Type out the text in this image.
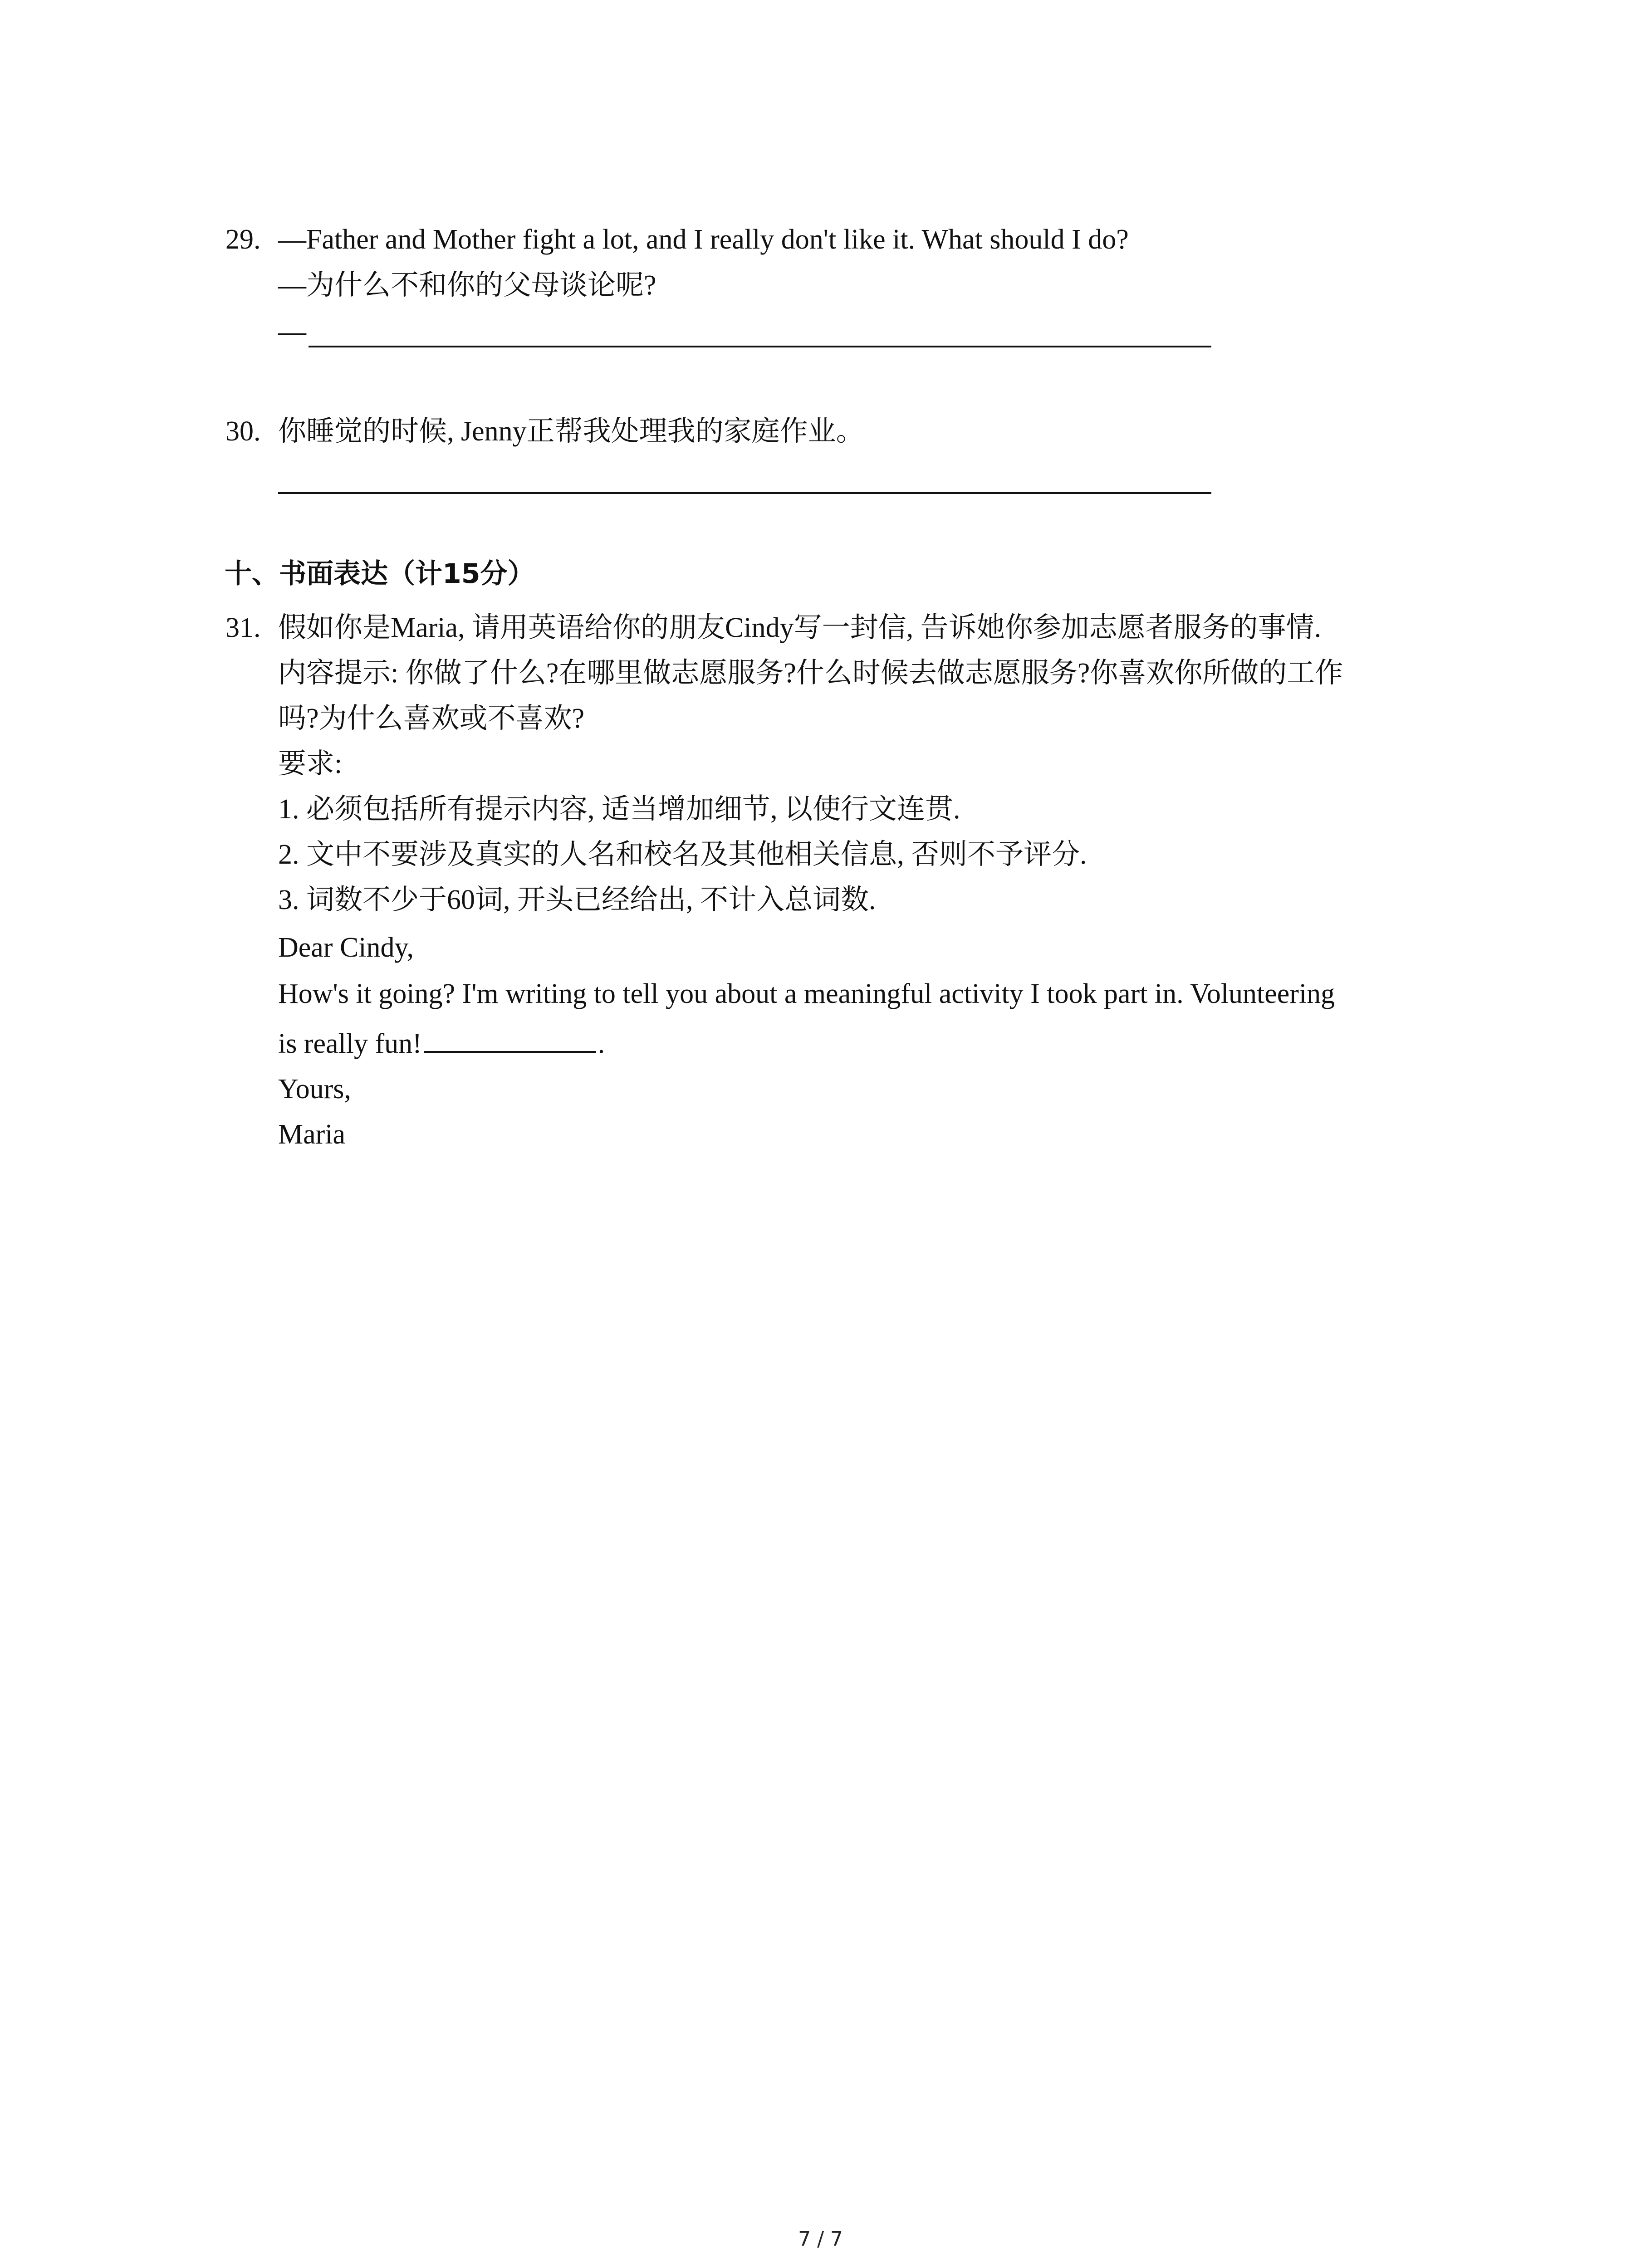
29. —Father and Mother fight a lot, and I really don't like it. What should I do?
—为什么不和你的父母谈论呢?
—
30. 你睡觉的时候, Jenny正帮我处理我的家庭作业。
十、书面表达（计15分）
31. 假如你是Maria, 请用英语给你的朋友Cindy写一封信, 告诉她你参加志愿者服务的事情.
内容提示: 你做了什么?在哪里做志愿服务?什么时候去做志愿服务?你喜欢你所做的工作
吗?为什么喜欢或不喜欢?
要求:
1. 必须包括所有提示内容, 适当增加细节, 以使行文连贯.
2. 文中不要涉及真实的人名和校名及其他相关信息, 否则不予评分.
3. 词数不少于60词, 开头已经给出, 不计入总词数.
Dear Cindy,
How's it going? I'm writing to tell you about a meaningful activity I took part in. Volunteering
is really fun!	.
Yours,
Maria
7 / 7
